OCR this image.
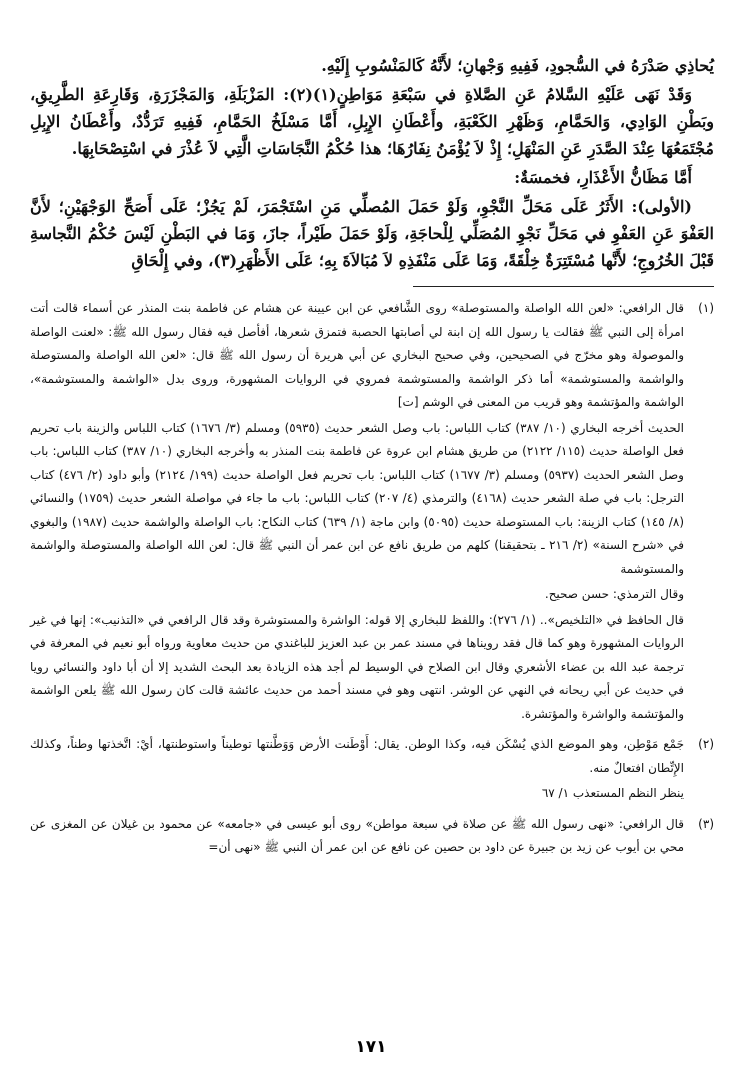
يُحاذِي صَدْرَهُ في السُّجودِ، فَفِيهِ وَجْهانِ؛ لأَنَّهُ كَالمَنْسُوبِ إِلَيْهِ.

وَقَدْ نَهَى عَلَيْهِ السَّلامُ عَنِ الصَّلاةِ في سَبْعَةِ مَوَاطِنٍ(١)(٢): المَزْبَلَةِ، وَالمَجْزَرَةِ، وَقَارِعَةِ الطَّرِيقِ، وبَطْنِ الوَادِي، وَالحَمَّامِ، وَظَهْرِ الكَعْبَةِ، وأَعْطَانِ الإِبِلِ، أَمَّا مَسْلَخُ الحَمَّامِ، فَفِيهِ تَرَدُّدٌ، وأَعْطَانُ الإِبِلِ مُجْتَمَعُهَا عِنْدَ الصَّدَرِ عَنِ المَنْهَلِ؛ إِذْ لاَ يُؤْمَنُ نِفَارُهَا؛ هذا حُكْمُ النَّجَاسَاتِ الَّتِي لاَ عُذْرَ في اسْتِصْحَابِهَا.

أَمَّا مَظَانُّ الأَعْذَارِ، فخمسَةٌ:

(الأولى): الأَثَرُ عَلَى مَحَلِّ النَّجْوِ، وَلَوْ حَمَلَ المُصلِّي مَنِ اسْتَجْمَرَ، لَمْ يَجُزْ؛ عَلَى أَصَحِّ الوَجْهَيْنِ؛ لأَنَّ العَفْوَ عَنِ العَفْوِ في مَحَلِّ نَجْوِ المُصَلِّي لِلْحاجَةِ، وَلَوْ حَمَلَ طَيْراً، جازَ، وَمَا في البَطْنِ لَيْسَ حُكْمُ النَّجاسةِ قَبْلَ الخُرُوجِ؛ لأَنَّها مُسْتَتِرَةٌ خِلْقَةً، وَمَا عَلَى مَنْفَذِهِ لاَ مُبَالاَةَ بِهِ؛ عَلَى الأَظْهَرِ(٣)، وفي إِلْحَاقِ

(١)

قال الرافعي: «لعن الله الواصلة والمستوصلة» روى الشَّافعي عن ابن عيينة عن هشام عن فاطمة بنت المنذر عن أسماء قالت أتت امرأة إلى النبي ﷺ فقالت يا رسول الله إن ابنة لي أصابتها الحصبة فتمزق شعرها، أفأصل فيه فقال رسول الله ﷺ: «لعنت الواصلة والموصولة وهو مخرّج في الصحيحين، وفي صحيح البخاري عن أبي هريرة أن رسول الله ﷺ قال: «لعن الله الواصلة والمستوصلة والواشمة والمستوشمة» أما ذكر الواشمة والمستوشمة فمروي في الروايات المشهورة، وروى بدل «الواشمة والمستوشمة»، الواشمة والمؤتشمة وهو قريب من المعنى في الوشم [ت]

الحديث أخرجه البخاري (١٠/ ٣٨٧) كتاب اللباس: باب وصل الشعر حديث (٥٩٣٥) ومسلم (٣/ ١٦٧٦) كتاب اللباس والزينة باب تحريم فعل الواصلة حديث (١١٥/ ٢١٢٢) من طريق هشام ابن عروة عن فاطمة بنت المنذر به وأخرجه البخاري (١٠/ ٣٨٧) كتاب اللباس: باب وصل الشعر الحديث (٥٩٣٧) ومسلم (٣/ ١٦٧٧) كتاب اللباس: باب تحريم فعل الواصلة حديث (١٩٩/ ٢١٢٤) وأبو داود (٢/ ٤٧٦) كتاب الترجل: باب في صلة الشعر حديث (٤١٦٨) والترمذي (٤/ ٢٠٧) كتاب اللباس: باب ما جاء في مواصلة الشعر حديث (١٧٥٩) والنسائي (٨/ ١٤٥) كتاب الزينة: باب المستوصلة حديث (٥٠٩٥) وابن ماجة (١/ ٦٣٩) كتاب النكاح: باب الواصلة والواشمة حديث (١٩٨٧) والبغوي في «شرح السنة» (٢/ ٢١٦ ـ بتحقيقنا) كلهم من طريق نافع عن ابن عمر أن النبي ﷺ قال: لعن الله الواصلة والمستوصلة والواشمة والمستوشمة

وقال الترمذي: حسن صحيح.

قال الحافظ في «التلخيص».. (١/ ٢٧٦): واللفظ للبخاري إلا قوله: الواشرة والمستوشرة وقد قال الرافعي في «التذنيب»: إنها في غير الروايات المشهورة وهو كما قال فقد رويناها في مسند عمر بن عبد العزيز للباغندي من حديث معاوية ورواه أبو نعيم في المعرفة في ترجمة عبد الله بن عضاء الأشعري وقال ابن الصلاح في الوسيط لم أجد هذه الزيادة بعد البحث الشديد إلا أن أبا داود والنسائي رويا في حديث عن أبي ريحانه في النهي عن الوشر. انتهى وهو في مسند أحمد من حديث عائشة قالت كان رسول الله ﷺ يلعن الواشمة والمؤتشمة والواشرة والمؤتشرة.

(٢)

جَمْع مَوْطِن، وهو الموضع الذي يُسْكَن فيه، وكذا الوطن. يقال: أَوْطَنت الأرض وَوَطَّنتها توطيناً واستوطنتها، أيْ: اتَّخذتها وطناً، وكذلك الإِتِّطان افتعالٌ منه.

ينظر النظم المستعذب ١/ ٦٧

(٣)

قال الرافعي: «نهى رسول الله ﷺ عن صلاة في سبعة مواطن» روى أبو عيسى في «جامعه» عن محمود بن غيلان عن المغزى عن محي بن أيوب عن زيد بن جبيرة عن داود بن حصين عن نافع عن ابن عمر أن النبي ﷺ «نهى أن=

١٧١
